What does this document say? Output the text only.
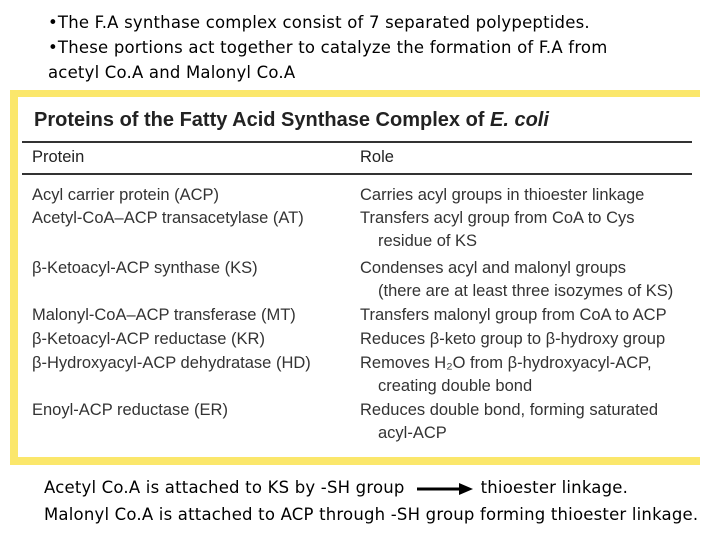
•The F.A synthase complex consist of 7 separated polypeptides.

•These portions act together to catalyze the formation of F.A from

acetyl Co.A and Malonyl Co.A

Proteins of the Fatty Acid Synthase Complex of E. coli
Protein	Role
Acyl carrier protein (ACP)	Carries acyl groups in thioester linkage
Acetyl-CoA–ACP transacetylase (AT)	Transfers acyl group from CoA to Cys
residue of KS
β-Ketoacyl-ACP synthase (KS)	Condenses acyl and malonyl groups
(there are at least three isozymes of KS)
Malonyl-CoA–ACP transferase (MT)	Transfers malonyl group from CoA to ACP
β-Ketoacyl-ACP reductase (KR)	Reduces β-keto group to β-hydroxy group
β-Hydroxyacyl-ACP dehydratase (HD)	Removes H₂O from β-hydroxyacyl-ACP,
creating double bond
Enoyl-ACP reductase (ER)	Reduces double bond, forming saturated
acyl-ACP

Acetyl Co.A is attached to KS by -SH group	thioester linkage.

Malonyl Co.A is attached to ACP through -SH group forming thioester linkage.
